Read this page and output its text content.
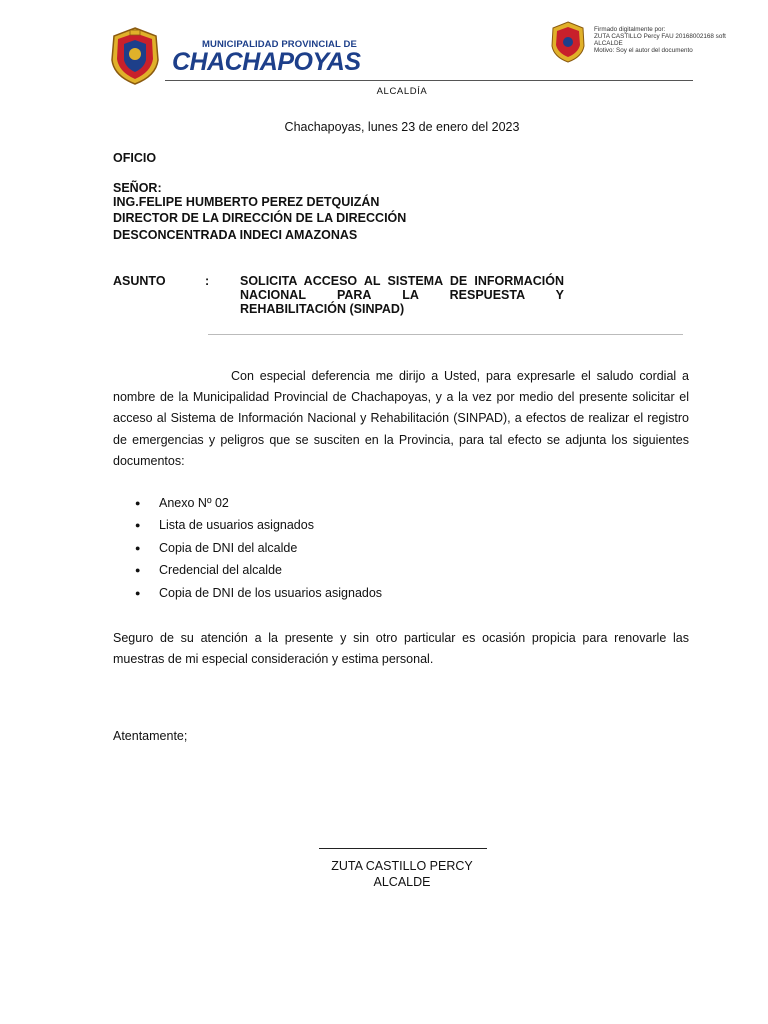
MUNICIPALIDAD PROVINCIAL DE
CHACHAPOYAS
Firmado digitalmente por:
ZUTA CASTILLO Percy FAU 20168002168 soft
ALCALDE
Motivo: Soy el autor del documento
ALCALDÍA
Chachapoyas, lunes 23 de enero del 2023
OFICIO
SEÑOR:
ING.FELIPE HUMBERTO PEREZ DETQUIZÁN
DIRECTOR DE LA DIRECCIÓN DE LA DIRECCIÓN
DESCONCENTRADA INDECI AMAZONAS
ASUNTO	: SOLICITA ACCESO AL SISTEMA DE INFORMACIÓN
NACIONAL PARA LA RESPUESTA Y
REHABILITACIÓN (SINPAD)
Con especial deferencia me dirijo a Usted, para expresarle el saludo cordial a nombre de la Municipalidad Provincial de Chachapoyas, y a la vez por medio del presente solicitar el acceso al Sistema de Información Nacional y Rehabilitación (SINPAD), a efectos de realizar el registro de emergencias y peligros que se susciten en la Provincia, para tal efecto se adjunta los siguientes documentos:
● Anexo Nº 02
● Lista de usuarios asignados
● Copia de DNI del alcalde
● Credencial del alcalde
● Copia de DNI de los usuarios asignados
Seguro de su atención a la presente y sin otro particular es ocasión propicia para renovarle las muestras de mi especial consideración y estima personal.
Atentamente;
ZUTA CASTILLO PERCY
ALCALDE
